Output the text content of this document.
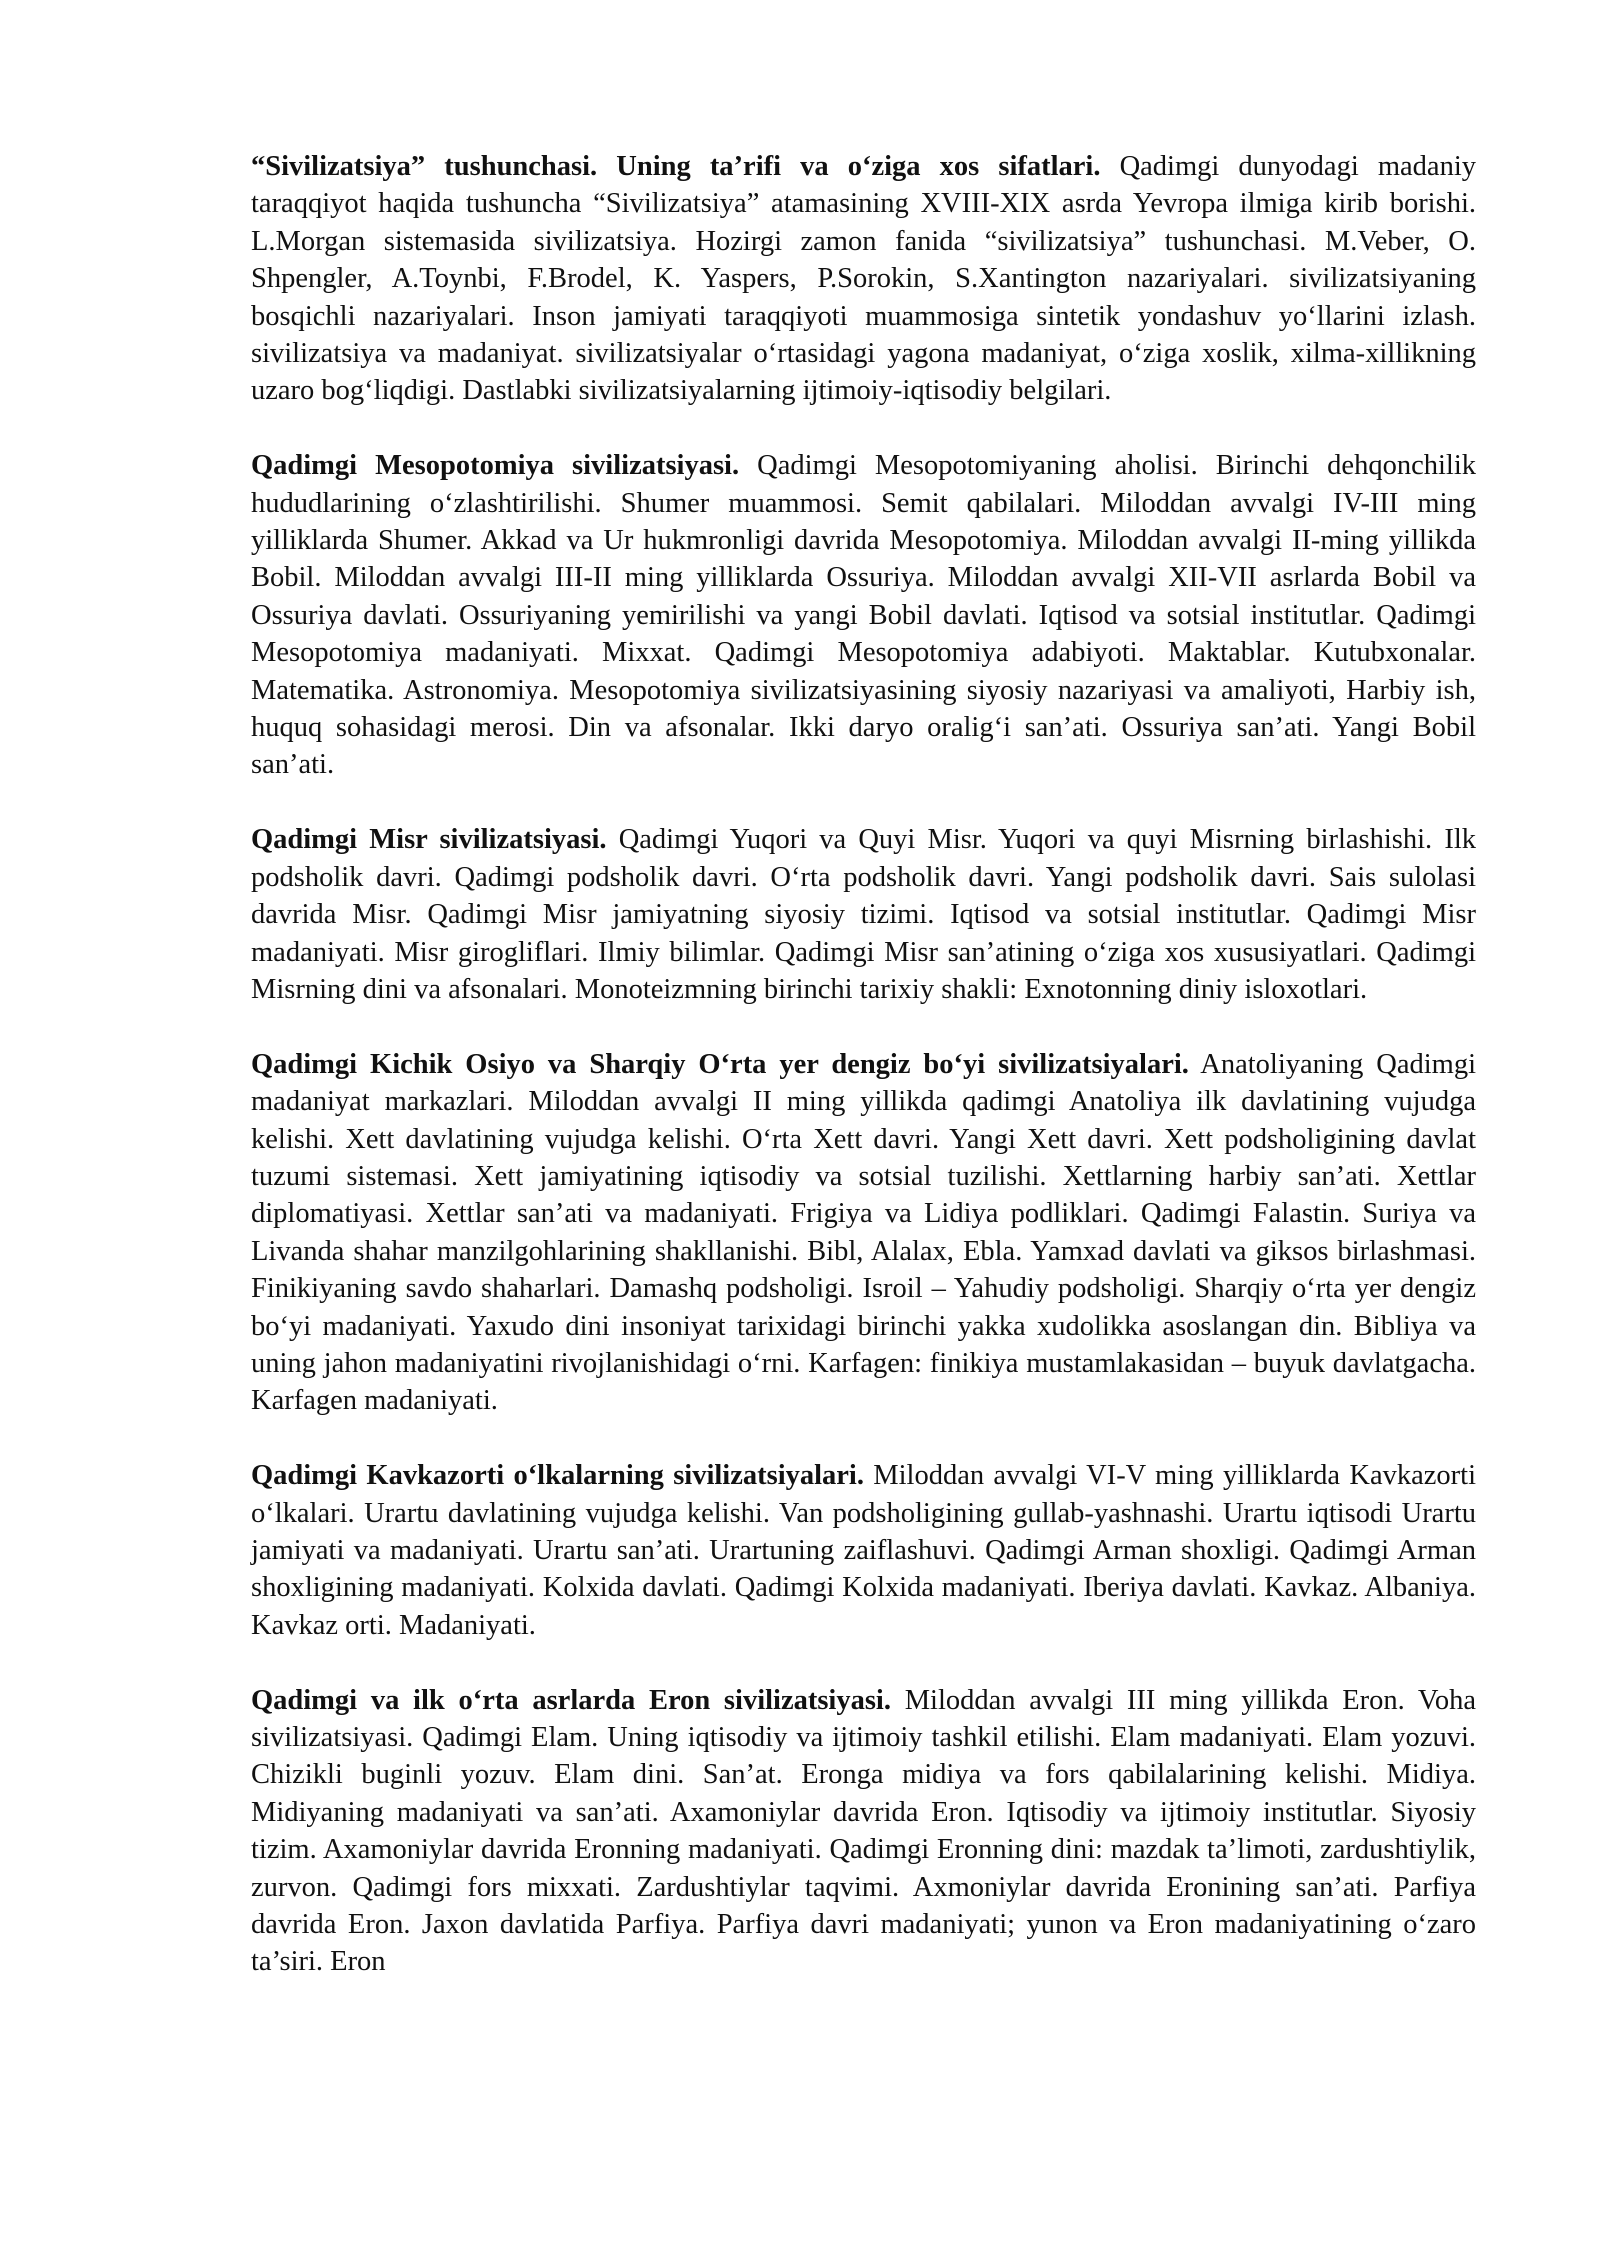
“Sivilizatsiya” tushunchasi. Uning ta’rifi va o‘ziga xos sifatlari. Qadimgi dunyodagi madaniy taraqqiyot haqida tushuncha “Sivilizatsiya” atamasining XVIII-XIX asrda Yevropa ilmiga kirib borishi. L.Morgan sistemasida sivilizatsiya. Hozirgi zamon fanida “sivilizatsiya” tushunchasi. M.Veber, O. Shpengler, A.Toynbi, F.Brodel, K. Yaspers, P.Sorokin, S.Xantington nazariyalari. sivilizatsiyaning bosqichli nazariyalari. Inson jamiyati taraqqiyoti muammosiga sintetik yondashuv yo‘llarini izlash. sivilizatsiya va madaniyat. sivilizatsiyalar o‘rtasidagi yagona madaniyat, o‘ziga xoslik, xilma-xillikning uzaro bog‘liqdigi. Dastlabki sivilizatsiyalarning ijtimoiy-iqtisodiy belgilari.

Qadimgi Mesopotomiya sivilizatsiyasi. Qadimgi Mesopotomiyaning aholisi. Birinchi dehqonchilik hududlarining o‘zlashtirilishi. Shumer muammosi. Semit qabilalari. Miloddan avvalgi IV-III ming yilliklarda Shumer. Akkad va Ur hukmronligi davrida Mesopotomiya. Miloddan avvalgi II-ming yillikda Bobil. Miloddan avvalgi III-II ming yilliklarda Ossuriya. Miloddan avvalgi XII-VII asrlarda Bobil va Ossuriya davlati. Ossuriyaning yemirilishi va yangi Bobil davlati. Iqtisod va sotsial institutlar. Qadimgi Mesopotomiya madaniyati. Mixxat. Qadimgi Mesopotomiya adabiyoti. Maktablar. Kutubxonalar. Matematika. Astronomiya. Mesopotomiya sivilizatsiyasining siyosiy nazariyasi va amaliyoti, Harbiy ish, huquq sohasidagi merosi. Din va afsonalar. Ikki daryo oralig‘i san’ati. Ossuriya san’ati. Yangi Bobil san’ati.

Qadimgi Misr sivilizatsiyasi. Qadimgi Yuqori va Quyi Misr. Yuqori va quyi Misrning birlashishi. Ilk podsholik davri. Qadimgi podsholik davri. O‘rta podsholik davri. Yangi podsholik davri. Sais sulolasi davrida Misr. Qadimgi Misr jamiyatning siyosiy tizimi. Iqtisod va sotsial institutlar. Qadimgi Misr madaniyati. Misr girogliflari. Ilmiy bilimlar. Qadimgi Misr san’atining o‘ziga xos xususiyatlari. Qadimgi Misrning dini va afsonalari. Monoteizmning birinchi tarixiy shakli: Exnotonning diniy isloxotlari.

Qadimgi Kichik Osiyo va Sharqiy O‘rta yer dengiz bo‘yi sivilizatsiyalari. Anatoliyaning Qadimgi madaniyat markazlari. Miloddan avvalgi II ming yillikda qadimgi Anatoliya ilk davlatining vujudga kelishi. Xett davlatining vujudga kelishi. O‘rta Xett davri. Yangi Xett davri. Xett podsholigining davlat tuzumi sistemasi. Xett jamiyatining iqtisodiy va sotsial tuzilishi. Xettlarning harbiy san’ati. Xettlar diplomatiyasi. Xettlar san’ati va madaniyati. Frigiya va Lidiya podliklari. Qadimgi Falastin. Suriya va Livanda shahar manzilgohlarining shakllanishi. Bibl, Alalax, Ebla. Yamxad davlati va giksos birlashmasi. Finikiyaning savdo shaharlari. Damashq podsholigi. Isroil – Yahudiy podsholigi. Sharqiy o‘rta yer dengiz bo‘yi madaniyati. Yaxudo dini insoniyat tarixidagi birinchi yakka xudolikka asoslangan din. Bibliya va uning jahon madaniyatini rivojlanishidagi o‘rni. Karfagen: finikiya mustamlakasidan – buyuk davlatgacha. Karfagen madaniyati.

Qadimgi Kavkazorti o‘lkalarning sivilizatsiyalari. Miloddan avvalgi VI-V ming yilliklarda Kavkazorti o‘lkalari. Urartu davlatining vujudga kelishi. Van podsholigining gullab-yashnashi. Urartu iqtisodi Urartu jamiyati va madaniyati. Urartu san’ati. Urartuning zaiflashuvi. Qadimgi Arman shoxligi. Qadimgi Arman shoxligining madaniyati. Kolxida davlati. Qadimgi Kolxida madaniyati. Iberiya davlati. Kavkaz. Albaniya. Kavkaz orti. Madaniyati.

Qadimgi va ilk o‘rta asrlarda Eron sivilizatsiyasi. Miloddan avvalgi III ming yillikda Eron. Voha sivilizatsiyasi. Qadimgi Elam. Uning iqtisodiy va ijtimoiy tashkil etilishi. Elam madaniyati. Elam yozuvi. Chizikli buginli yozuv. Elam dini. San’at. Eronga midiya va fors qabilalarining kelishi. Midiya. Midiyaning madaniyati va san’ati. Axamoniylar davrida Eron. Iqtisodiy va ijtimoiy institutlar. Siyosiy tizim. Axamoniylar davrida Eronning madaniyati. Qadimgi Eronning dini: mazdak ta’limoti, zardushtiylik, zurvon. Qadimgi fors mixxati. Zardushtiylar taqvimi. Axmoniylar davrida Eronining san’ati. Parfiya davrida Eron. Jaxon davlatida Parfiya. Parfiya davri madaniyati; yunon va Eron madaniyatining o‘zaro ta’siri. Eron
